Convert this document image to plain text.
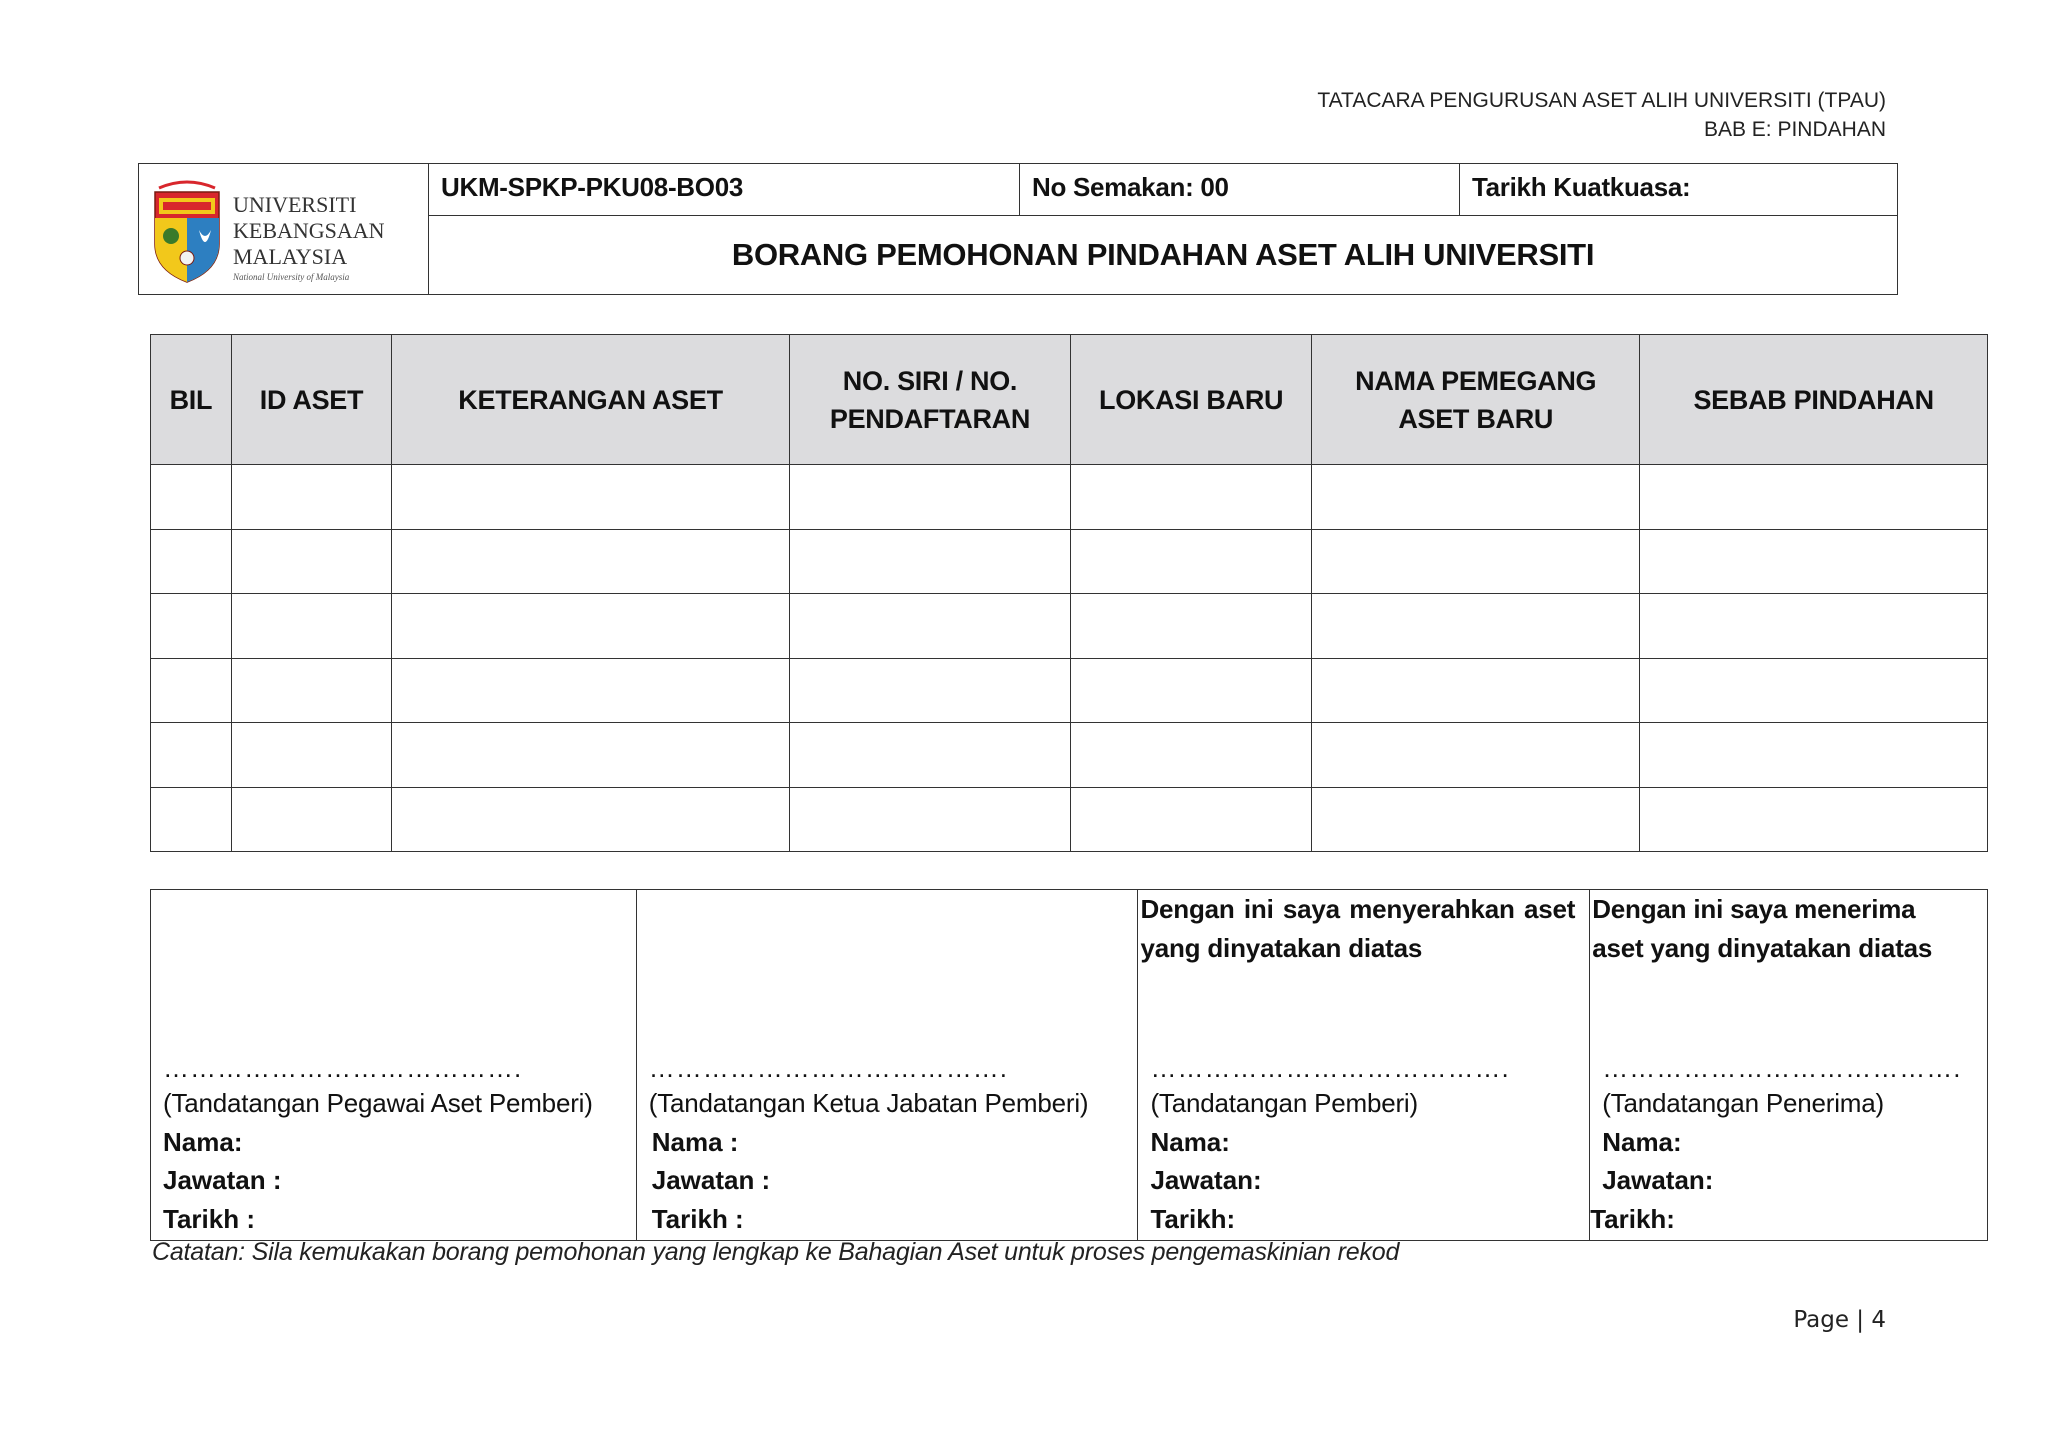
TATACARA PENGURUSAN ASET ALIH UNIVERSITI (TPAU)
BAB E: PINDAHAN
UNIVERSITI
KEBANGSAAN
MALAYSIA
National University of Malaysia
UKM-SPKP-PKU08-BO03	No Semakan: 00	Tarikh Kuatkuasa:
BORANG PEMOHONAN PINDAHAN ASET ALIH UNIVERSITI
BIL	ID ASET	KETERANGAN ASET	NO. SIRI / NO. PENDAFTARAN	LOKASI BARU	NAMA PEMEGANG ASET BARU	SEBAB PINDAHAN

………………………………….
(Tandatangan Pegawai Aset Pemberi)
Nama:
Jawatan :
Tarikh :

………………………………….
(Tandatangan Ketua Jabatan Pemberi)
Nama :
Jawatan :
Tarikh :

Dengan ini saya menyerahkan aset yang dinyatakan diatas
………………………………….
(Tandatangan Pemberi)
Nama:
Jawatan:
Tarikh:

Dengan ini saya menerima aset yang dinyatakan diatas
………………………………….
(Tandatangan Penerima)
Nama:
Jawatan:
Tarikh:
Catatan: Sila kemukakan borang pemohonan yang lengkap ke Bahagian Aset untuk proses pengemaskinian rekod
Page | 4
